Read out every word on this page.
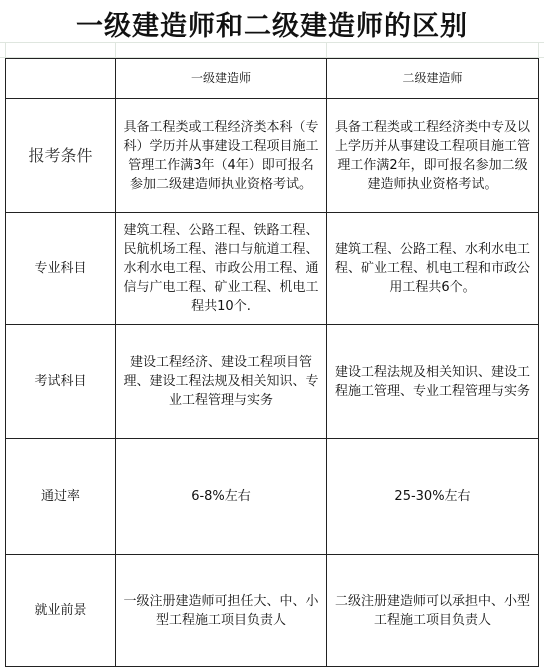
一级建造师和二级建造师的区别
	一级建造师	二级建造师
报考条件	具备工程类或工程经济类本科（专科）学历并从事建设工程项目施工管理工作满3年（4年）即可报名参加二级建造师执业资格考试。	具备工程类或工程经济类中专及以上学历并从事建设工程项目施工管理工作满2年，即可报名参加二级建造师执业资格考试。
专业科目	建筑工程、公路工程、铁路工程、民航机场工程、港口与航道工程、水利水电工程、市政公用工程、通信与广电工程、矿业工程、机电工程共10个.	建筑工程、公路工程、水利水电工程、矿业工程、机电工程和市政公用工程共6个。
考试科目	建设工程经济、建设工程项目管理、建设工程法规及相关知识、专业工程管理与实务	建设工程法规及相关知识、建设工程施工管理、专业工程管理与实务
通过率	6-8%左右	25-30%左右
就业前景	一级注册建造师可担任大、中、小型工程施工项目负责人	二级注册建造师可以承担中、小型工程施工项目负责人
